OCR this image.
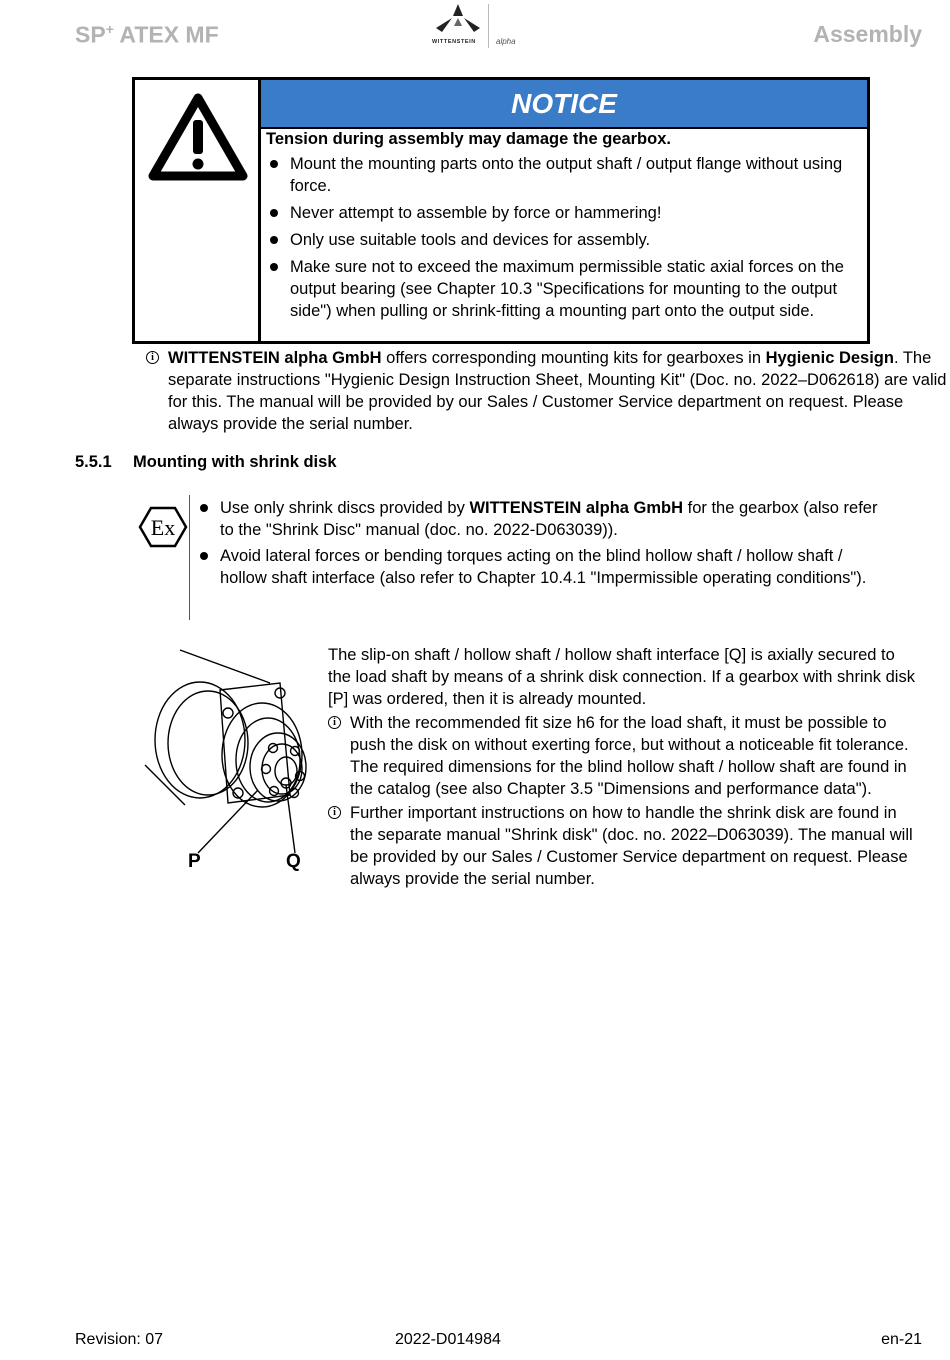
SP+ ATEX MF	WITTENSTEIN	alpha	Assembly
NOTICE
Tension during assembly may damage the gearbox.
Mount the mounting parts onto the output shaft / output flange without using force.
Never attempt to assemble by force or hammering!
Only use suitable tools and devices for assembly.
Make sure not to exceed the maximum permissible static axial forces on the output bearing (see Chapter 10.3 "Specifications for mounting to the output side") when pulling or shrink-fitting a mounting part onto the output side.
i WITTENSTEIN alpha GmbH offers corresponding mounting kits for gearboxes in Hygienic Design. The separate instructions "Hygienic Design Instruction Sheet, Mounting Kit" (Doc. no. 2022–D062618) are valid for this. The manual will be provided by our Sales / Customer Service department on request. Please always provide the serial number.
5.5.1 Mounting with shrink disk
Ex
Use only shrink discs provided by WITTENSTEIN alpha GmbH for the gearbox (also refer to the "Shrink Disc" manual (doc. no. 2022-D063039)).
Avoid lateral forces or bending torques acting on the blind hollow shaft / hollow shaft / hollow shaft interface (also refer to Chapter 10.4.1 "Impermissible operating conditions").
P	Q

The slip-on shaft / hollow shaft / hollow shaft interface [Q] is axially secured to the load shaft by means of a shrink disk connection. If a gearbox with shrink disk [P] was ordered, then it is already mounted.

i With the recommended fit size h6 for the load shaft, it must be possible to push the disk on without exerting force, but without a noticeable fit tolerance. The required dimensions for the blind hollow shaft / hollow shaft are found in the catalog (see also Chapter 3.5 "Dimensions and performance data").
i Further important instructions on how to handle the shrink disk are found in the separate manual "Shrink disk" (doc. no. 2022–D063039). The manual will be provided by our Sales / Customer Service department on request. Please always provide the serial number.
Revision: 07	2022-D014984	en-21
